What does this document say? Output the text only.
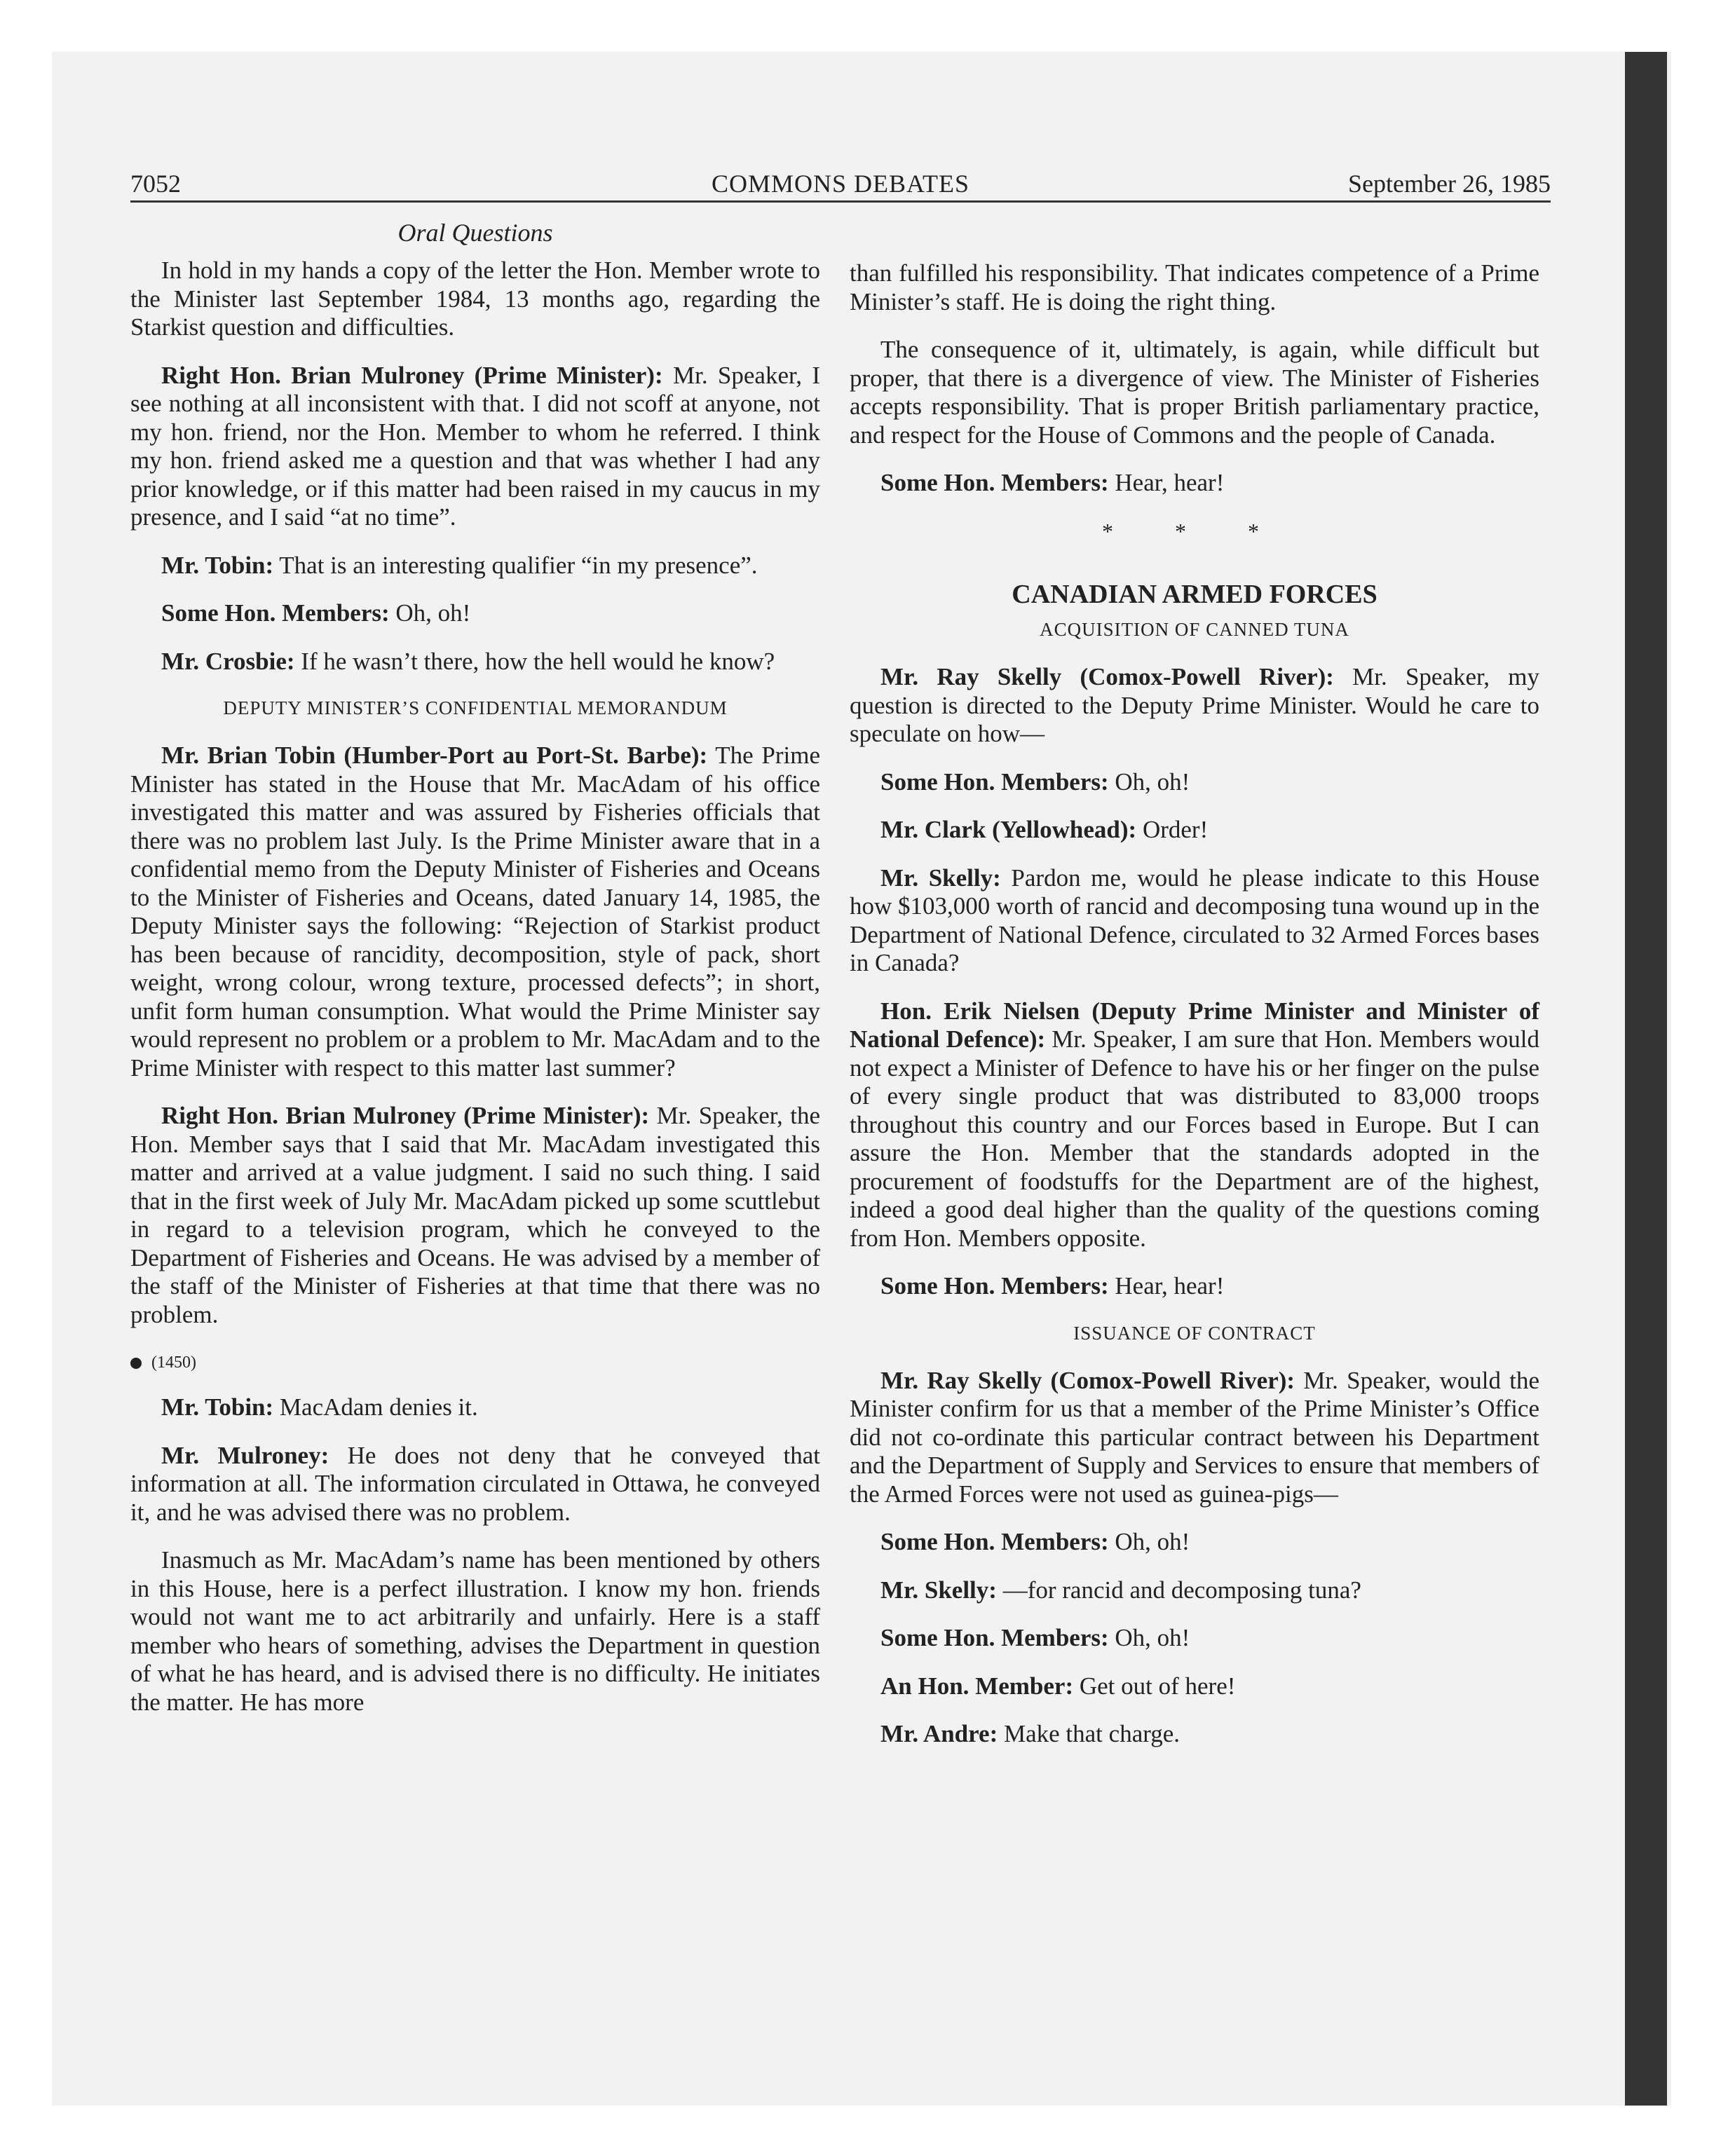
7052	COMMONS DEBATES	September 26, 1985
Oral Questions

In hold in my hands a copy of the letter the Hon. Member wrote to the Minister last September 1984, 13 months ago, regarding the Starkist question and difficulties.

Right Hon. Brian Mulroney (Prime Minister): Mr. Speaker, I see nothing at all inconsistent with that. I did not scoff at anyone, not my hon. friend, nor the Hon. Member to whom he referred. I think my hon. friend asked me a question and that was whether I had any prior knowledge, or if this matter had been raised in my caucus in my presence, and I said “at no time”.

Mr. Tobin: That is an interesting qualifier “in my presence”.

Some Hon. Members: Oh, oh!

Mr. Crosbie: If he wasn’t there, how the hell would he know?

DEPUTY MINISTER’S CONFIDENTIAL MEMORANDUM

Mr. Brian Tobin (Humber-Port au Port-St. Barbe): The Prime Minister has stated in the House that Mr. MacAdam of his office investigated this matter and was assured by Fisheries officials that there was no problem last July. Is the Prime Minister aware that in a confidential memo from the Deputy Minister of Fisheries and Oceans to the Minister of Fisheries and Oceans, dated January 14, 1985, the Deputy Minister says the following: “Rejection of Starkist product has been because of rancidity, decomposition, style of pack, short weight, wrong colour, wrong texture, processed defects”; in short, unfit form human consumption. What would the Prime Minister say would represent no problem or a problem to Mr. MacAdam and to the Prime Minister with respect to this matter last summer?

Right Hon. Brian Mulroney (Prime Minister): Mr. Speaker, the Hon. Member says that I said that Mr. MacAdam investigated this matter and arrived at a value judgment. I said no such thing. I said that in the first week of July Mr. MacAdam picked up some scuttlebut in regard to a television program, which he conveyed to the Department of Fisheries and Oceans. He was advised by a member of the staff of the Minister of Fisheries at that time that there was no problem.

(1450)

Mr. Tobin: MacAdam denies it.

Mr. Mulroney: He does not deny that he conveyed that information at all. The information circulated in Ottawa, he conveyed it, and he was advised there was no problem.

Inasmuch as Mr. MacAdam’s name has been mentioned by others in this House, here is a perfect illustration. I know my hon. friends would not want me to act arbitrarily and unfairly. Here is a staff member who hears of something, advises the Department in question of what he has heard, and is advised there is no difficulty. He initiates the matter. He has more

than fulfilled his responsibility. That indicates competence of a Prime Minister’s staff. He is doing the right thing.

The consequence of it, ultimately, is again, while difficult but proper, that there is a divergence of view. The Minister of Fisheries accepts responsibility. That is proper British parliamentary practice, and respect for the House of Commons and the people of Canada.

Some Hon. Members: Hear, hear!

* * *
CANADIAN ARMED FORCES
ACQUISITION OF CANNED TUNA

Mr. Ray Skelly (Comox-Powell River): Mr. Speaker, my question is directed to the Deputy Prime Minister. Would he care to speculate on how—

Some Hon. Members: Oh, oh!

Mr. Clark (Yellowhead): Order!

Mr. Skelly: Pardon me, would he please indicate to this House how $103,000 worth of rancid and decomposing tuna wound up in the Department of National Defence, circulated to 32 Armed Forces bases in Canada?

Hon. Erik Nielsen (Deputy Prime Minister and Minister of National Defence): Mr. Speaker, I am sure that Hon. Members would not expect a Minister of Defence to have his or her finger on the pulse of every single product that was distributed to 83,000 troops throughout this country and our Forces based in Europe. But I can assure the Hon. Member that the standards adopted in the procurement of foodstuffs for the Department are of the highest, indeed a good deal higher than the quality of the questions coming from Hon. Members opposite.

Some Hon. Members: Hear, hear!

ISSUANCE OF CONTRACT

Mr. Ray Skelly (Comox-Powell River): Mr. Speaker, would the Minister confirm for us that a member of the Prime Minister’s Office did not co-ordinate this particular contract between his Department and the Department of Supply and Services to ensure that members of the Armed Forces were not used as guinea-pigs—

Some Hon. Members: Oh, oh!

Mr. Skelly: —for rancid and decomposing tuna?

Some Hon. Members: Oh, oh!

An Hon. Member: Get out of here!

Mr. Andre: Make that charge.
